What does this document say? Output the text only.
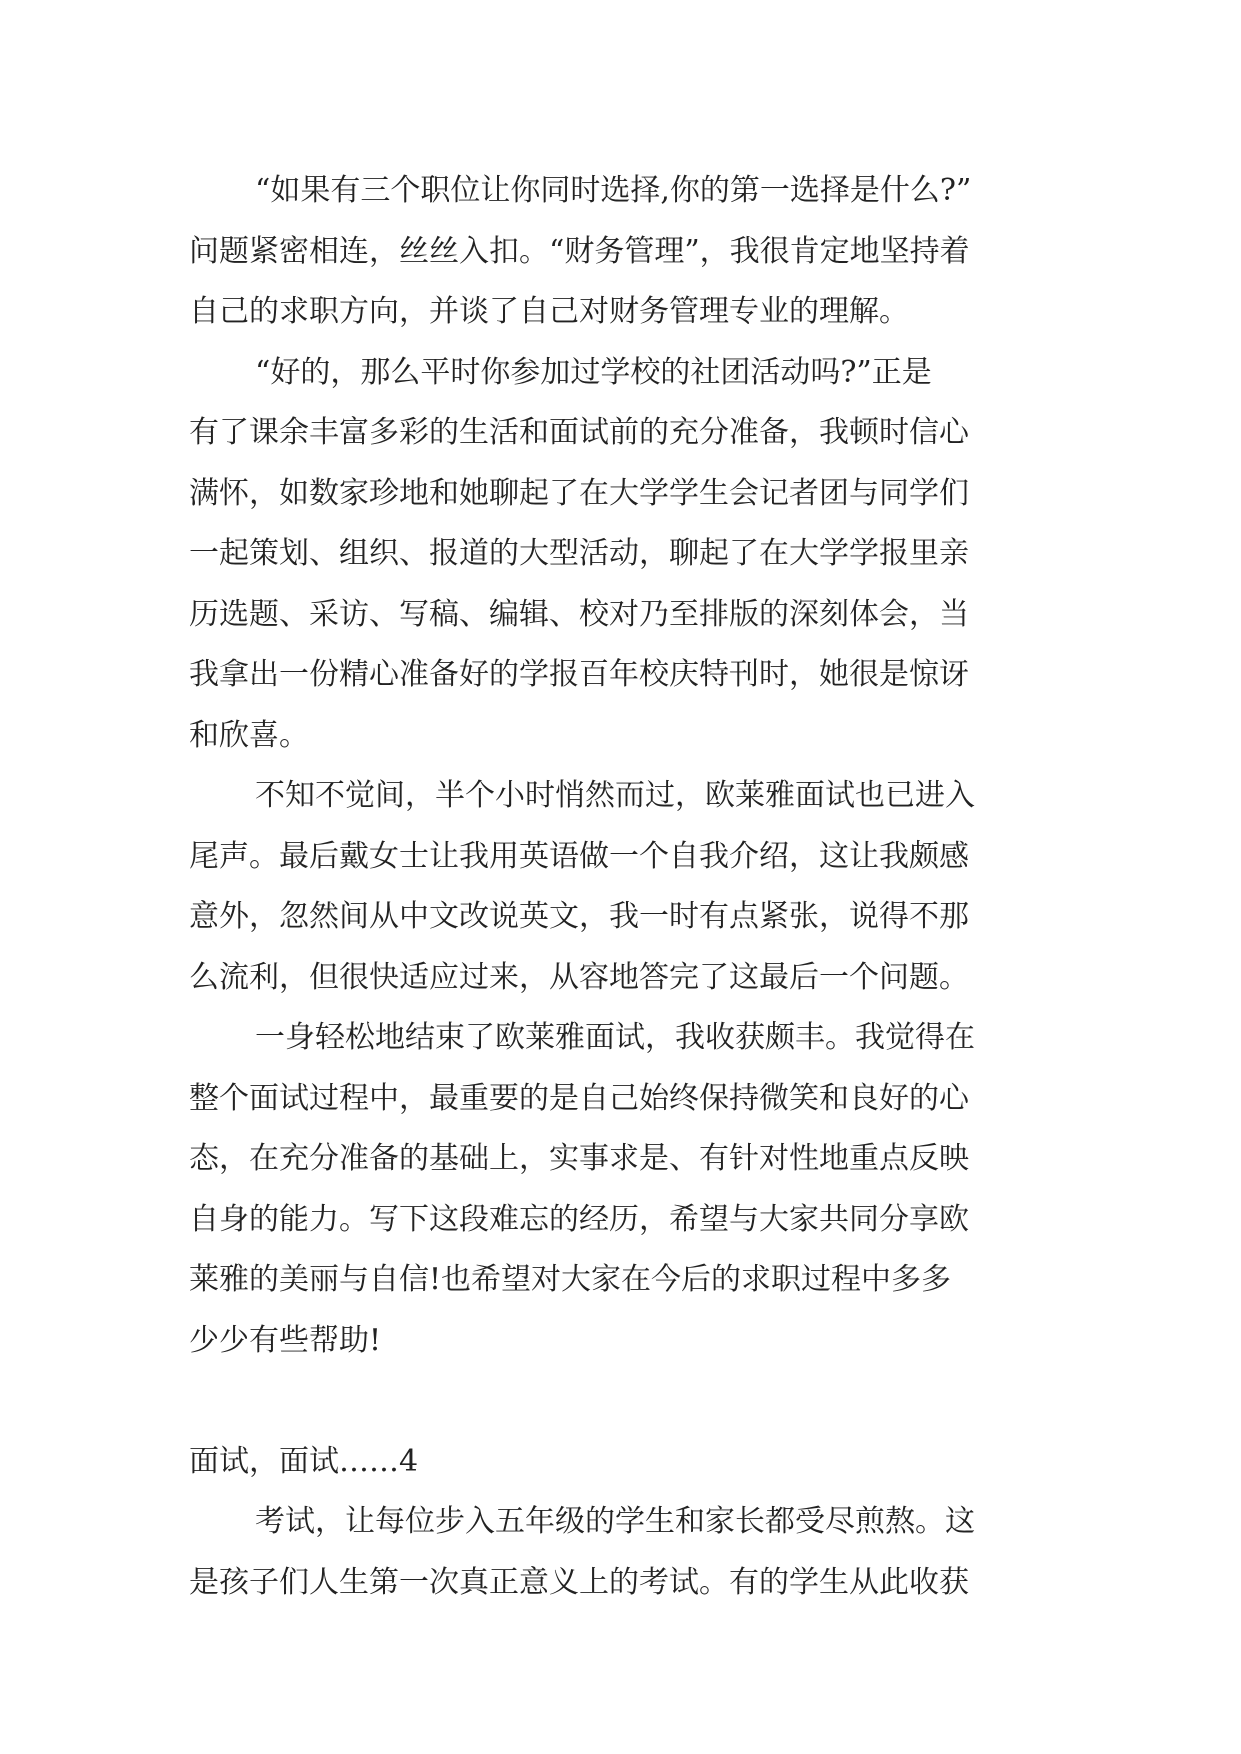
“如果有三个职位让你同时选择,你的第一选择是什么?”
问题紧密相连，丝丝入扣。“财务管理”，我很肯定地坚持着
自己的求职方向，并谈了自己对财务管理专业的理解。
“好的，那么平时你参加过学校的社团活动吗?”正是
有了课余丰富多彩的生活和面试前的充分准备，我顿时信心
满怀，如数家珍地和她聊起了在大学学生会记者团与同学们
一起策划、组织、报道的大型活动，聊起了在大学学报里亲
历选题、采访、写稿、编辑、校对乃至排版的深刻体会，当
我拿出一份精心准备好的学报百年校庆特刊时，她很是惊讶
和欣喜。
不知不觉间，半个小时悄然而过，欧莱雅面试也已进入
尾声。最后戴女士让我用英语做一个自我介绍，这让我颇感
意外，忽然间从中文改说英文，我一时有点紧张，说得不那
么流利，但很快适应过来，从容地答完了这最后一个问题。
一身轻松地结束了欧莱雅面试，我收获颇丰。我觉得在
整个面试过程中，最重要的是自己始终保持微笑和良好的心
态，在充分准备的基础上，实事求是、有针对性地重点反映
自身的能力。写下这段难忘的经历，希望与大家共同分享欧
莱雅的美丽与自信!也希望对大家在今后的求职过程中多多
少少有些帮助!
面试，面试……4
考试，让每位步入五年级的学生和家长都受尽煎熬。这
是孩子们人生第一次真正意义上的考试。有的学生从此收获
